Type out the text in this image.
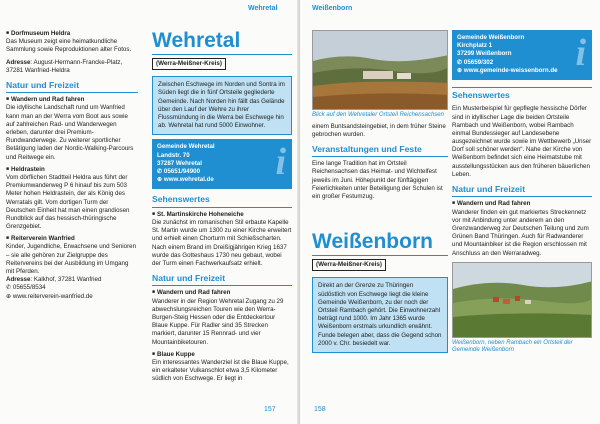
Wehretal
■ Dorfmuseum Heldra
Das Museum zeigt eine heimatkundliche Sammlung sowie Reproduktionen alter Fotos.
Adresse: August-Hermann-Francke-Platz, 37281 Wanfried-Heldra
Natur und Freizeit
■ Wandern und Rad fahren
Die idyllische Landschaft rund um Wanfried kann man an der Werra vom Boot aus sowie auf zahlreichen Rad- und Wanderwegen erleben, darunter drei Premium-Rundwanderwege. Zu weiterer sportlicher Betätigung laden der Nordic-Walking-Parcours und Reitwege ein.
■ Heldrastein
Vom dörflichen Stadtteil Heldra aus führt der Premiumwanderweg P 6 hinauf bis zum 503 Meter hohen Heldrastein, der als König des Werratals gilt. Vom dortigen Turm der Deutschen Einheit hat man einen grandiosen Rundblick auf das hessisch-thüringische Grenzgebiet.
■ Reiterverein Wanfried
Kinder, Jugendliche, Erwachsene und Senioren – sie alle gehören zur Zielgruppe des Reitervereins bei der Ausbildung im Umgang mit Pferden.
Adresse: Kalkhof, 37281 Wanfried
✆ 05655/8534
⊕ www.reiterverein-wanfried.de
Wehretal
(Werra-Meißner-Kreis)
Zwischen Eschwege im Norden und Sontra im Süden liegt die in fünf Ortsteile gegliederte Gemeinde. Nach Norden hin fällt das Gelände über den Lauf der Wehre zu ihrer Flussmündung in die Werra bei Eschwege hin ab. Wehretal hat rund 5000 Einwohner.
i
Gemeinde Wehretal
Landstr. 70
37287 Wehretal
✆ 05651/94900
⊕ www.wehretal.de
Sehenswertes
■ St. Martinskirche Hoheneiche
Die zunächst im romanischen Stil erbaute Kapelle St. Martin wurde um 1300 zu einer Kirche erweitert und erhielt einen Chorturm mit Schießscharten. Nach einem Brand im Dreißigjährigen Krieg 1637 wurde das Gotteshaus 1730 neu gebaut, wobei der Turm einen Fachwerkaufsatz erhielt.
Natur und Freizeit
■ Wandern und Rad fahren
Wanderer in der Region Wehretal Zugang zu 29 abwechslungsreichen Touren wie den Werra-Burgen-Steig Hessen oder die Entdeckertour Blaue Kuppe. Für Radler sind 35 Strecken markiert, darunter 15 Rennrad- und vier Mountainbiketouren.
■ Blaue Kuppe
Ein interessantes Wanderziel ist die Blaue Kuppe, ein erkalteter Vulkanschlot etwa 3,5 Kilometer südlich von Eschwege. Er liegt in
157
Weißenborn
Blick auf den Wehretaler Ortsteil Reichensachsen
einem Buntsandsteingebiet, in dem früher Steine gebrochen wurden.
Veranstaltungen und Feste
Eine lange Tradition hat im Ortsteil Reichensachsen das Heimat- und Wichtelfest jeweils im Juni. Höhepunkt der fünftägigen Feierlichkeiten unter Beteiligung der Schulen ist ein großer Festumzug.
Weißenborn
(Werra-Meißner-Kreis)
Direkt an der Grenze zu Thüringen südöstlich von Eschwege liegt die kleine Gemeinde Weißenborn, zu der noch der Ortsteil Rambach gehört. Die Einwohnerzahl beträgt rund 1000. Im Jahr 1365 wurde Weißenborn erstmals urkundlich erwähnt. Funde belegen aber, dass die Gegend schon 2000 v. Chr. besiedelt war.
i
Gemeinde Weißenborn
Kirchplatz 1
37299 Weißenborn
✆ 05659/302
⊕ www.gemeinde-weissenborn.de
Sehenswertes
Ein Musterbeispiel für gepflegte hessische Dörfer sind in idyllischer Lage die beiden Ortsteile Rambach und Weißenborn, wobei Rambach einmal Bundessieger auf Landesebene ausgezeichnet wurde sowie im Wettbewerb „Unser Dorf soll schöner werden“. Nahe der Kirche von Weißenborn befindet sich eine Heimatstube mit ausstellungsstücken aus den früheren bäuerlichen Leben.
Natur und Freizeit
■ Wandern und Rad fahren
Wanderer finden ein gut markiertes Streckennetz vor mit Anbindung unter anderem an den Grenzwanderweg zur Deutschen Teilung und zum Grünen Band Thüringen. Auch für Radwanderer und Mountainbiker ist die Region erschlossen mit Anschluss an den Werraradweg.
Weißenborn, neben Rambach ein Ortsteil der Gemeinde Weißenborn
158
